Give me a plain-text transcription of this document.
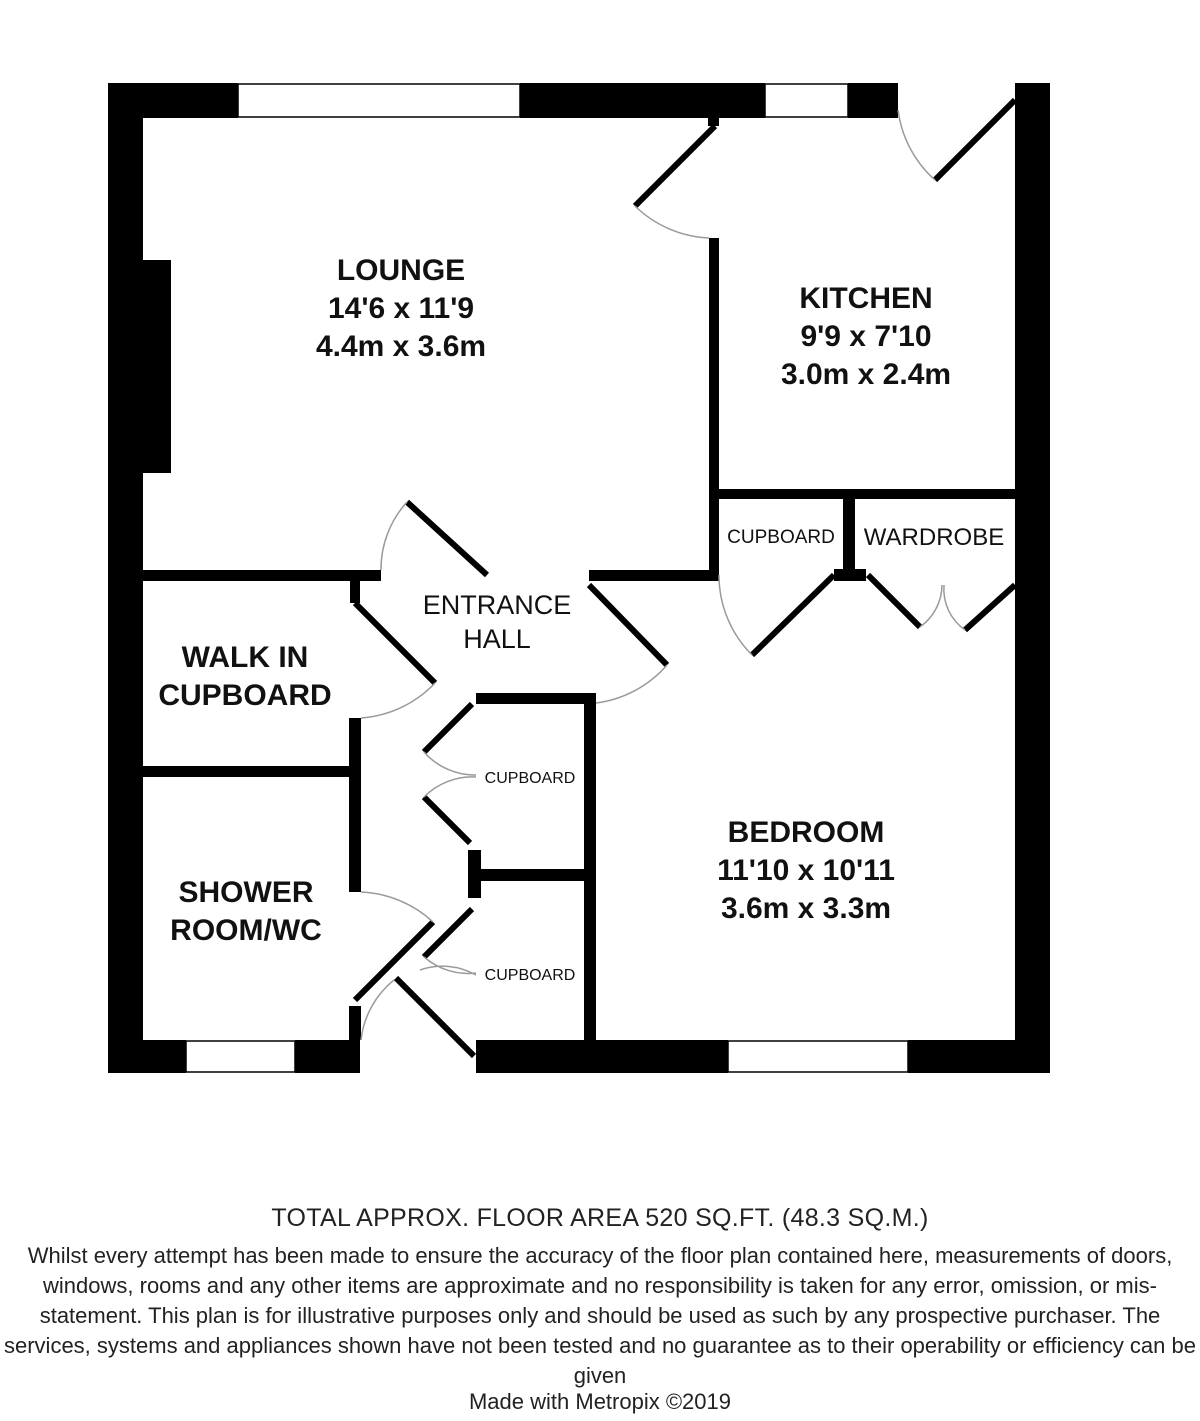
LOUNGE
14'6 x 11'9
4.4m x 3.6m
KITCHEN
9'9 x 7'10
3.0m x 2.4m
BEDROOM
11'10 x 10'11
3.6m x 3.3m
WALK IN
CUPBOARD
SHOWER
ROOM/WC
ENTRANCE
HALL
CUPBOARD WARDROBE
CUPBOARD
CUPBOARD
TOTAL APPROX. FLOOR AREA 520 SQ.FT. (48.3 SQ.M.)
Whilst every attempt has been made to ensure the accuracy of the floor plan contained here, measurements of doors, windows, rooms and any other items are approximate and no responsibility is taken for any error, omission, or mis-statement. This plan is for illustrative purposes only and should be used as such by any prospective purchaser. The services, systems and appliances shown have not been tested and no guarantee as to their operability or efficiency can be given
Made with Metropix ©2019
